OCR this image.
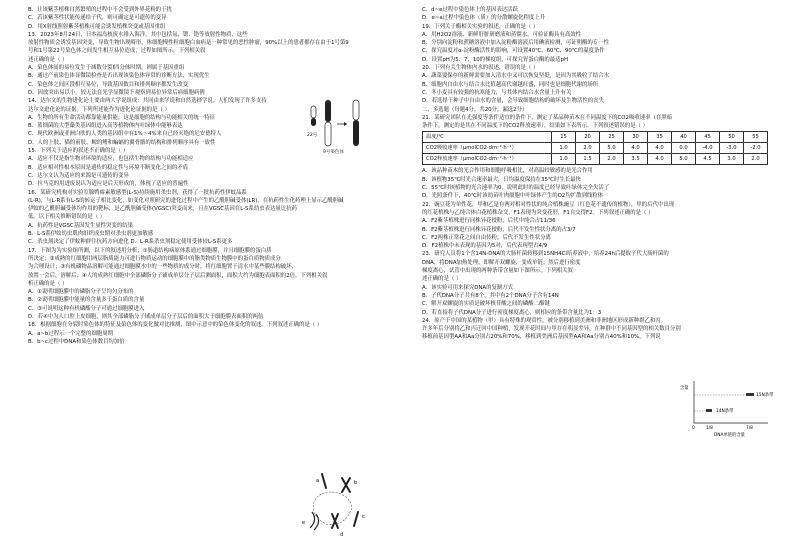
B．让该紫茎植株自然繁殖的过程中不会受到外界花粉的干扰
C．若该紫茎性状能传递给子代，则可确定是可遗传的变异
D．用X射线照射紫茎植株可能会诱发植株突变或基因重组
13．2023年8月24日，日本福岛核废水排入海洋，其中包括氚、锶、铯等放射性物质，这些
放射性物质会诱发基因突变，导致生物出现畸形。体细胞慢性粒细胞白血病是一种常见的恶性肿瘤，90%以上的患者都存在由于1号第9
号和1号第22号染色体之间发生相互易位造成，过程如图所示。下列相关叙
述正确的是（ ）
A．染色体间的易位发生于减数分裂Ⅰ四分体时期，则属于基因重组
B．通过产前染色体显微镜检查是否出现该染色体异常的诊断方法，实现优生
C．染色体之间区段相互易位，导致基因数目和排列顺序都发生改变
D．因放突出易以小，较无法在光学显微镜下观察到易位异常后病细胞病例
14．达尔文的生物进化论主要由两大学说组成：共同由来学说和自然选择学说。人们发现了许多支持
达尔文进化论的证据。下列所述能作为进化论证据的是（ ）
A．生物的所有生命活动都靠能量供能，这是细胞的结构与功能相关的统一特征
B．蓝细菌的大型藻类基因组进入高等植物体内叶绿体中能够表达
C．现代欧洲或亚洲白肤的人类的基因组中有1%～4%来自已经灭绝的尼安德特人
D．人的上肢、猫的前肢、鲸的鳍和蝙蝠的翼骨骼的结构和排列顺序具有一致性
15．下列关于适应的叙述不正确的是（ ）
A．适应不仅是指生物对环境的适应，也包括生物的结构与功能相适应
B．适应相对性根本原因是遗传的稳定性与环境不断变化之间的矛盾
C．达尔文认为适应的来源是可遗传的变异
D．拉马克的用进废说认为适应是后天形成的，体现了适应的普遍性
16．某研究机构对实验室腺鸭霉素敏感型(L-S)持续施用杀虫剂，获得了一批抗药性伊蚊品系
(L-R)，与L-R系有L-S的转运子相比变化，如变化对照研究的进化过程中产生的乙酰胆碱受体(LR)，在抗药性生化药理上显示乙酰胆碱
伊蚊的乙酰胆碱受体均作用的靶标，是乙酰胆碱受体(VGSC)突变而来，且在VGSC基因在L-S系幼虫表达量比抗药
低。以下相关推断错误的是（ ）
A．抗药性是VGSC基因发生显性突变的结果
B．L-S系伊蚊幼虫肌肉组织成虫期对杀虫剂更加敏感
C．杀虫剂决定了伊蚊种群往抗药方向进化 D．L-R系杀虫剂稳定使用受体较L-S系更多
17．下图为为实验组所测，以下的叙述用分析；①肠道结构病原体系通过细胞膜，并且细胞膜的蛋白质
所决定；②成熟的红细胞用两层脂质能力可进行物质运动的细胞膜中的脂类物质生物膜中的蛋白质物质成分
为合理设计；③有机磷物品溶解可能通过细胞膜水中的一些物质的成分时，将红细胞置于清水中某些膜结构破坏，
放置一会后，溶解后；④人的成熟红细胞中全部磷脂分子铺成单层分子层后测面积，面积大约为细胞表面积的2倍。下列相关叙
析正确的是（ ）
A．①说明细胞膜中的磷脂分子呈均匀分布的
B．②说明细胞膜中能量的含量多于蛋白质的含量
C．③可说明这种有机磷酯分子可通过细胞膜进入
D．若④中为人口腔上皮细胞，则其全部磷脂分子铺成单层分子层后的面积大于细胞膜表面积的两倍
18．根据细胞在分裂时染色体的特征及染色体的变化做对比推测，图中示意中的染色体变化的叙述。下列叙述正确的是（ ）
A．a~b过程示一个完整的细胞周期
B．b~c过程中DNA和染色体数目均加倍
C．d~e过程中染色体上的基因表达活跃
D．e~a过程中染色体（质）的分散螺旋化程度上升
19．下列关于酶相关实验的叙述，正确的是（ ）
A．用H2O2溶液、新鲜肝脏研磨液和蒸馏水，可验证酶具有高效性
B．分别向淀粉和蔗糖溶液中加入淀粉酶溶液后用碘液检测，可证明酶的专一性
C．探究温度对α-淀粉酶活性的影响，可设置40℃、60℃、90℃的温度条件
D．设置pH为5、7、10的梯度组，可探究胃蛋白酶的最适pH
20．下列有关生物体内水的叙述，错误的是（ ）
A．蔬菜要保存的新鲜需要加入清水中又可以恢复坚挺，是因为其吸收了结合水
B．细胞内自由水与结合水比值越高代谢越旺盛，同时也是细胞代谢的场所
C．冬小麦具有较强的抗寒能力，与其体内结合水含量上升有关
D．若选择干种子中自由水的含量，会导致细胞结构的破坏及生物活性的丧失
二、多选题（每题4分，共20分，漏选2分）
21．某研究团队在光强度等条件适宜的条件下，测定了某品种苗木在不同温度下的CO2吸收速率（在黑暗
条件下，测定的是其在不同温度下的CO2释放速率），结果如下表所示。下列叙述错误的是（ ）
温度/℃	15	20	25	30	35	40	45	50	55
CO2吸收速率（μmolCO2·dm⁻²·h⁻¹）	1.0	2.0	5.0	4.0	4.0	0.0	-4.0	-3.0	-2.0
CO2释放速率（μmolCO2·dm⁻²·h⁻¹）	1.0	1.5	2.0	3.5	4.0	5.0	4.5	3.0	2.0
A．该品种苗木的光合作用和细胞呼吸相比，对高温较敏感的是光合作用
B．该植物35℃时光合速率最大，日均温度保持在35℃时生长最快
C．55℃时该植物的光合速率为0，说明此时的温度已经导致叶绿体完全失活了
D．光照条件下，40℃时该幼苗叶肉细胞中叶绿体产生的O2均扩散到线粒体
22．豌豆花为单性花，甲和乙是有两对相对性状的纯合植株豌豆（红色花不遗传的植物），甲的后代中出现
的红花植株与乙纯合体白花植株杂交，F1表现为突变花形，F1自交得F2。下列叙述正确的是（ ）
A．F2紫茎植株进行同株异花授粉，后代中纯合占11/36
B．F2紫茎植株进行同株异花授粉，后代不发生性状分离的占3/7
C．F2两株正常花之间自由传粉，后代不发生性状分离
D．F2植株中未表现的基因为5对，后代表现型占4/9
23．研究人员将1个含14N-DNA的大肠杆菌转移到15NH4Cl培养液中，培养24h后提取子代大肠杆菌的
DNA，将DNA加热处理，即解开双螺旋，变成单链；然后进行密度
梯度离心，试管中出现的两种条带含量如下图所示。下列相关叙
述正确的是（ ）
A．该实验可用来探究DNA的复制方式
B．子代DNA分子共有8个，其中有2个DNA分子含有14N
C．解开双螺旋的实质是破坏核苷酸之间的磷酸二酯键
D．若直接将子代DNA分子进行密度梯度离心，则相应的条带含量比为1：3
24．原产于中国的某植物（甲）具有特殊的观赏性，被分别移植到美洲和非洲地区形成新种群乙和丙。
许多年后分别将乙和丙迁回中国种植，发现开花时间与甲存在明显差异，在种群中不同基因型的相关数目分别
移植前基因型AA和Aa分别占20%和70%，移植到美洲后基因型AA和Aa分别占40%和10%，下列说
22号
9号染色体
a	b
c
d
e
含量
15N条带
14N条带
0	1/8	7/8
DNA单链的含量
